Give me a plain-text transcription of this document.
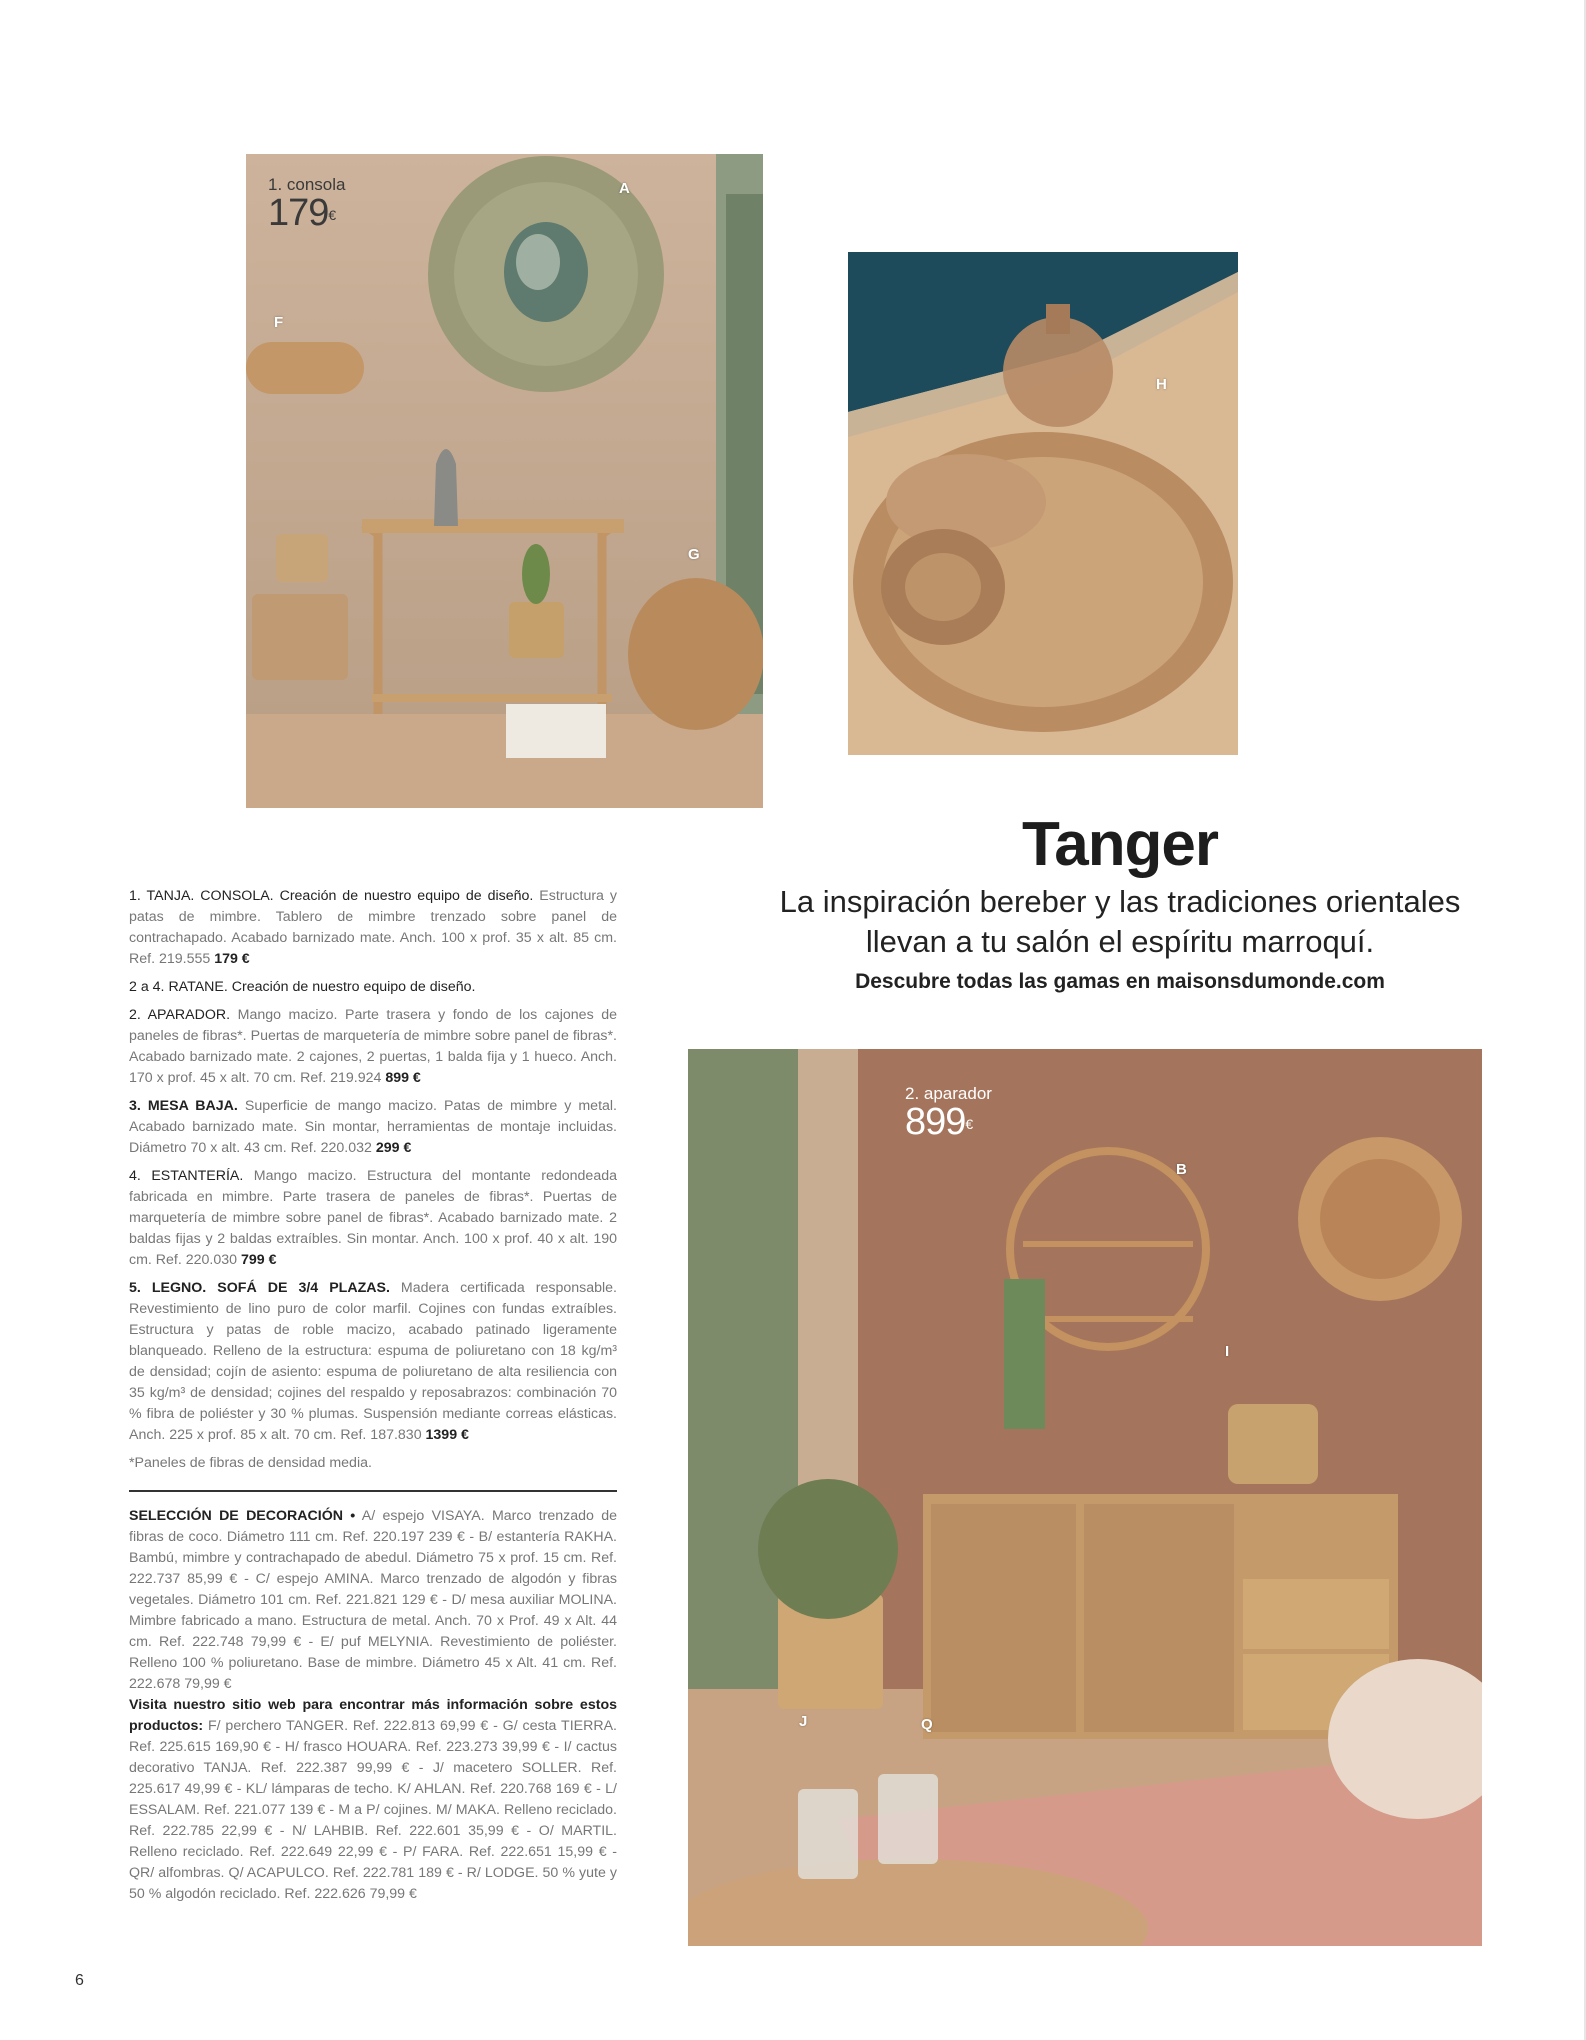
1. consola
179€
A
F
G
H
Tanger
La inspiración bereber y las tradiciones orientales
llevan a tu salón el espíritu marroquí.
Descubre todas las gamas en maisonsdumonde.com
2. aparador
899€
B
I
J	Q

1. TANJA. CONSOLA. Creación de nuestro equipo de diseño. Estructura y patas de mimbre. Tablero de mimbre trenzado sobre panel de contrachapado. Acabado barnizado mate. Anch. 100 x prof. 35 x alt. 85 cm. Ref. 219.555 179 €

2 a 4. RATANE. Creación de nuestro equipo de diseño.

2. APARADOR. Mango macizo. Parte trasera y fondo de los cajones de paneles de fibras*. Puertas de marquetería de mimbre sobre panel de fibras*. Acabado barnizado mate. 2 cajones, 2 puertas, 1 balda fija y 1 hueco. Anch. 170 x prof. 45 x alt. 70 cm. Ref. 219.924 899 €

3. MESA BAJA. Superficie de mango macizo. Patas de mimbre y metal. Acabado barnizado mate. Sin montar, herramientas de montaje incluidas. Diámetro 70 x alt. 43 cm. Ref. 220.032 299 €

4. ESTANTERÍA. Mango macizo. Estructura del montante redondeada fabricada en mimbre. Parte trasera de paneles de fibras*. Puertas de marquetería de mimbre sobre panel de fibras*. Acabado barnizado mate. 2 baldas fijas y 2 baldas extraíbles. Sin montar. Anch. 100 x prof. 40 x alt. 190 cm. Ref. 220.030 799 €

5. LEGNO. SOFÁ DE 3/4 PLAZAS. Madera certificada responsable. Revestimiento de lino puro de color marfil. Cojines con fundas extraíbles. Estructura y patas de roble macizo, acabado patinado ligeramente blanqueado. Relleno de la estructura: espuma de poliuretano con 18 kg/m³ de densidad; cojín de asiento: espuma de poliuretano de alta resiliencia con 35 kg/m³ de densidad; cojines del respaldo y reposabrazos: combinación 70 % fibra de poliéster y 30 % plumas. Suspensión mediante correas elásticas. Anch. 225 x prof. 85 x alt. 70 cm. Ref. 187.830 1399 €

*Paneles de fibras de densidad media.

SELECCIÓN DE DECORACIÓN • A/ espejo VISAYA. Marco trenzado de fibras de coco. Diámetro 111 cm. Ref. 220.197 239 € - B/ estantería RAKHA. Bambú, mimbre y contrachapado de abedul. Diámetro 75 x prof. 15 cm. Ref. 222.737 85,99 € - C/ espejo AMINA. Marco trenzado de algodón y fibras vegetales. Diámetro 101 cm. Ref. 221.821 129 € - D/ mesa auxiliar MOLINA. Mimbre fabricado a mano. Estructura de metal. Anch. 70 x Prof. 49 x Alt. 44 cm. Ref. 222.748 79,99 € - E/ puf MELYNIA. Revestimiento de poliéster. Relleno 100 % poliuretano. Base de mimbre. Diámetro 45 x Alt. 41 cm. Ref. 222.678 79,99 €

Visita nuestro sitio web para encontrar más información sobre estos productos: F/ perchero TANGER. Ref. 222.813 69,99 € - G/ cesta TIERRA. Ref. 225.615 169,90 € - H/ frasco HOUARA. Ref. 223.273 39,99 € - I/ cactus decorativo TANJA. Ref. 222.387 99,99 € - J/ macetero SOLLER. Ref. 225.617 49,99 € - KL/ lámparas de techo. K/ AHLAN. Ref. 220.768 169 € - L/ ESSALAM. Ref. 221.077 139 € - M a P/ cojines. M/ MAKA. Relleno reciclado. Ref. 222.785 22,99 € - N/ LAHBIB. Ref. 222.601 35,99 € - O/ MARTIL. Relleno reciclado. Ref. 222.649 22,99 € - P/ FARA. Ref. 222.651 15,99 € - QR/ alfombras. Q/ ACAPULCO. Ref. 222.781 189 € - R/ LODGE. 50 % yute y 50 % algodón reciclado. Ref. 222.626 79,99 €

6
